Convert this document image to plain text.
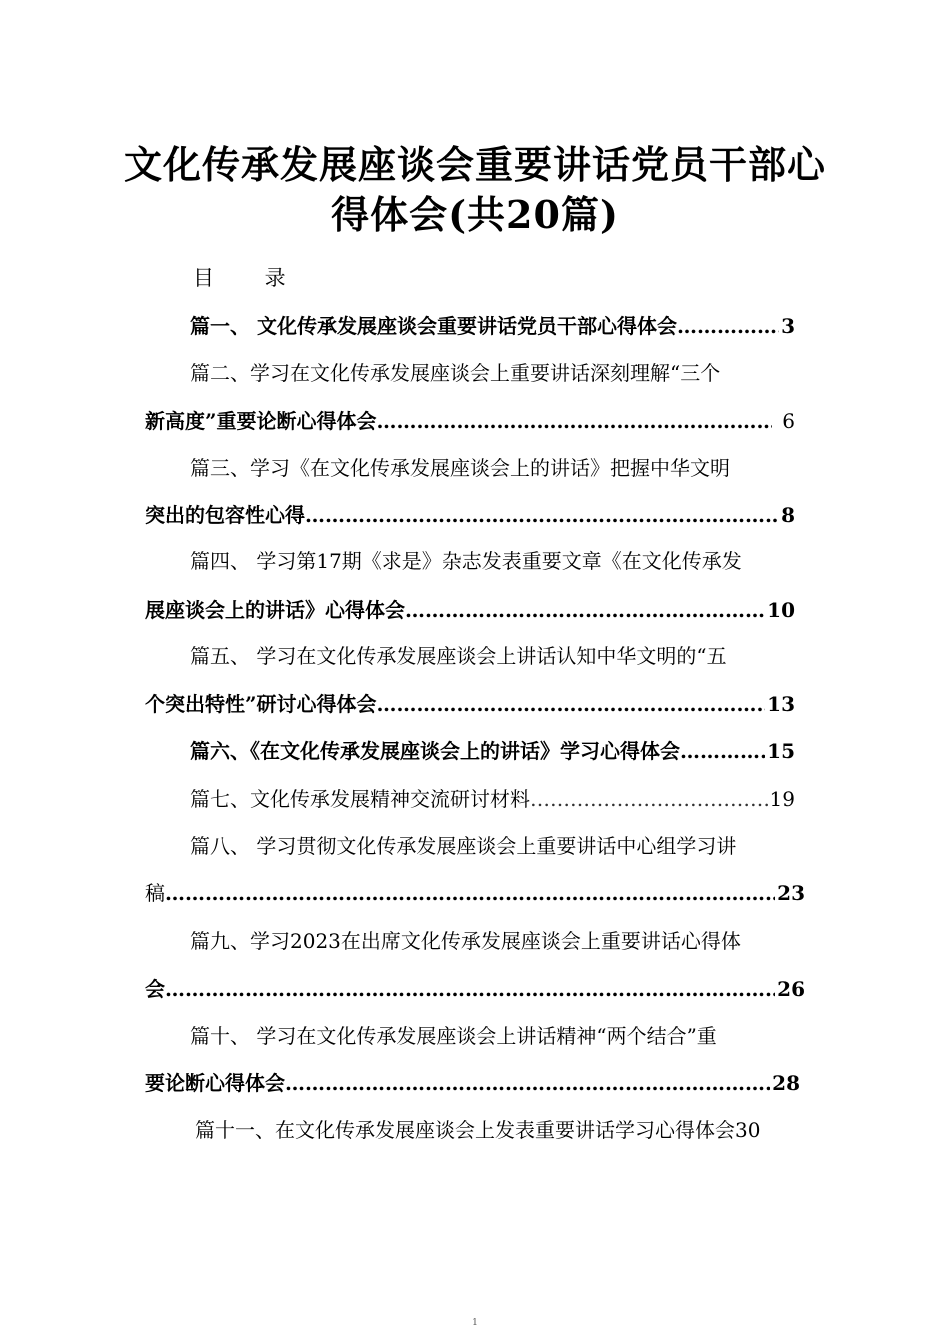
文化传承发展座谈会重要讲话党员干部心
得体会(共20篇)
目 录
篇一、 文化传承发展座谈会重要讲话党员干部心得体会 ………………………………………………………………………………………………………………………………………………………………	3
篇二、学习在文化传承发展座谈会上重要讲话深刻理解“三个
新高度”重要论断心得体会 ………………………………………………………………………………………………………………………………………………………………	6
篇三、学习《在文化传承发展座谈会上的讲话》把握中华文明
突出的包容性心得 ………………………………………………………………………………………………………………………………………………………………	8
篇四、 学习第17期《求是》杂志发表重要文章《在文化传承发
展座谈会上的讲话》心得体会 ………………………………………………………………………………………………………………………………………………………………	10
篇五、 学习在文化传承发展座谈会上讲话认知中华文明的“五
个突出特性”研讨心得体会 ………………………………………………………………………………………………………………………………………………………………	13
篇六、《在文化传承发展座谈会上的讲话》学习心得体会 ………………………………………………………………………………………………………………………………………………………………	15
篇七、文化传承发展精神交流研讨材料 ………………………………………………………………………………………………………………………………………………………………	19
篇八、 学习贯彻文化传承发展座谈会上重要讲话中心组学习讲
稿 ………………………………………………………………………………………………………………………………………………………………	23
篇九、学习2023在出席文化传承发展座谈会上重要讲话心得体
会 ………………………………………………………………………………………………………………………………………………………………	26
篇十、 学习在文化传承发展座谈会上讲话精神“两个结合”重
要论断心得体会 ………………………………………………………………………………………………………………………………………………………………	28
篇十一、在文化传承发展座谈会上发表重要讲话学习心得体会30
1
